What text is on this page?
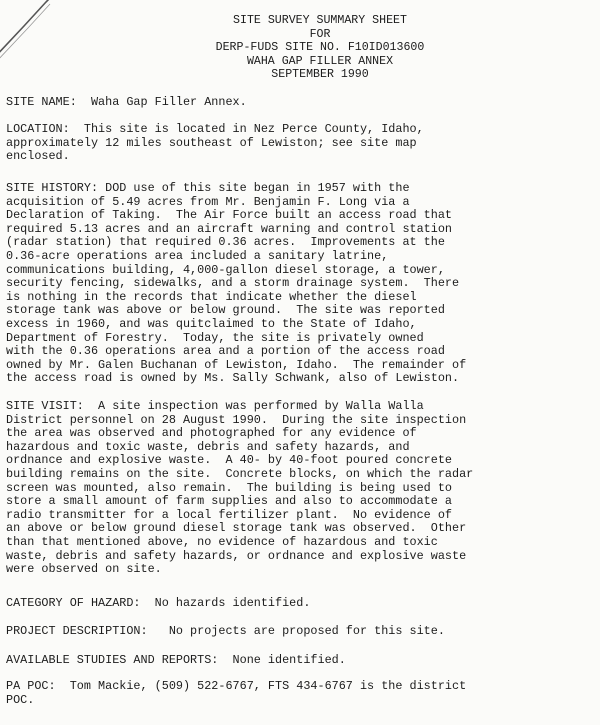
SITE SURVEY SUMMARY SHEET
FOR
DERP-FUDS SITE NO. F10ID013600
WAHA GAP FILLER ANNEX
SEPTEMBER 1990
SITE NAME:  Waha Gap Filler Annex.
LOCATION:  This site is located in Nez Perce County, Idaho,
approximately 12 miles southeast of Lewiston; see site map
enclosed.
SITE HISTORY: DOD use of this site began in 1957 with the
acquisition of 5.49 acres from Mr. Benjamin F. Long via a
Declaration of Taking.  The Air Force built an access road that
required 5.13 acres and an aircraft warning and control station
(radar station) that required 0.36 acres.  Improvements at the
0.36-acre operations area included a sanitary latrine,
communications building, 4,000-gallon diesel storage, a tower,
security fencing, sidewalks, and a storm drainage system.  There
is nothing in the records that indicate whether the diesel
storage tank was above or below ground.  The site was reported
excess in 1960, and was quitclaimed to the State of Idaho,
Department of Forestry.  Today, the site is privately owned
with the 0.36 operations area and a portion of the access road
owned by Mr. Galen Buchanan of Lewiston, Idaho.  The remainder of
the access road is owned by Ms. Sally Schwank, also of Lewiston.
SITE VISIT:  A site inspection was performed by Walla Walla
District personnel on 28 August 1990.  During the site inspection
the area was observed and photographed for any evidence of
hazardous and toxic waste, debris and safety hazards, and
ordnance and explosive waste.  A 40- by 40-foot poured concrete
building remains on the site.  Concrete blocks, on which the radar
screen was mounted, also remain.  The building is being used to
store a small amount of farm supplies and also to accommodate a
radio transmitter for a local fertilizer plant.  No evidence of
an above or below ground diesel storage tank was observed.  Other
than that mentioned above, no evidence of hazardous and toxic
waste, debris and safety hazards, or ordnance and explosive waste
were observed on site.
CATEGORY OF HAZARD:  No hazards identified.
PROJECT DESCRIPTION:   No projects are proposed for this site.
AVAILABLE STUDIES AND REPORTS:  None identified.
PA POC:  Tom Mackie, (509) 522-6767, FTS 434-6767 is the district
POC.
